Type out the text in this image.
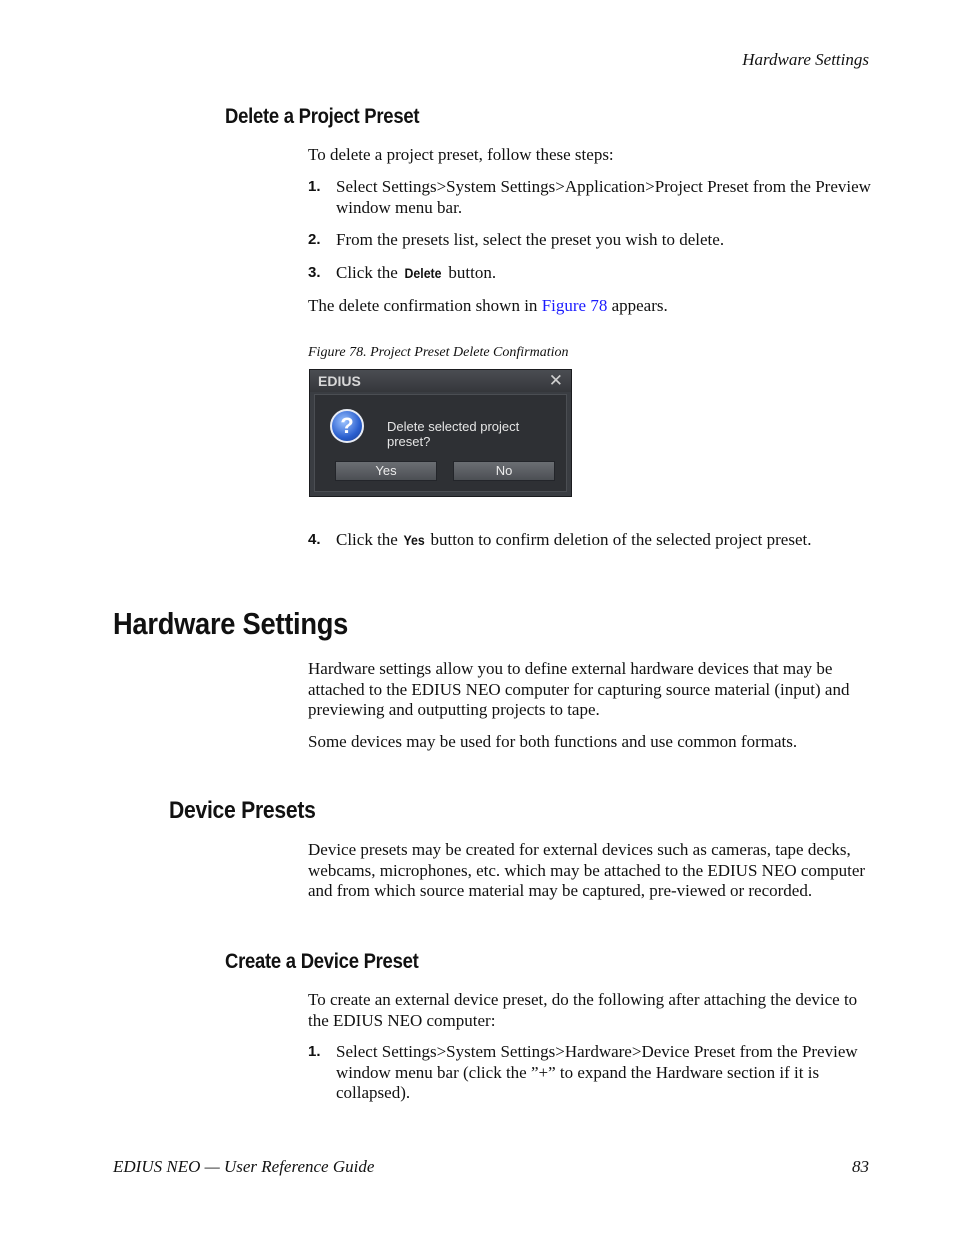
Hardware Settings
Delete a Project Preset
To delete a project preset, follow these steps:
1. Select Settings>System Settings>Application>Project Preset from the Preview window menu bar.
2. From the presets list, select the preset you wish to delete.
3. Click the Delete button.
The delete confirmation shown in Figure 78 appears.
Figure 78. Project Preset Delete Confirmation
EDIUS	✕
?	Delete selected project preset?
Yes	No
4. Click the Yes button to confirm deletion of the selected project preset.
Hardware Settings
Hardware settings allow you to define external hardware devices that may be attached to the EDIUS NEO computer for capturing source material (input) and previewing and outputting projects to tape.
Some devices may be used for both functions and use common formats.
Device Presets
Device presets may be created for external devices such as cameras, tape decks, webcams, microphones, etc. which may be attached to the EDIUS NEO computer and from which source material may be captured, pre-viewed or recorded.
Create a Device Preset
To create an external device preset, do the following after attaching the device to the EDIUS NEO computer:
1. Select Settings>System Settings>Hardware>Device Preset from the Preview window menu bar (click the ”+” to expand the Hardware section if it is collapsed).
EDIUS NEO — User Reference Guide	83
